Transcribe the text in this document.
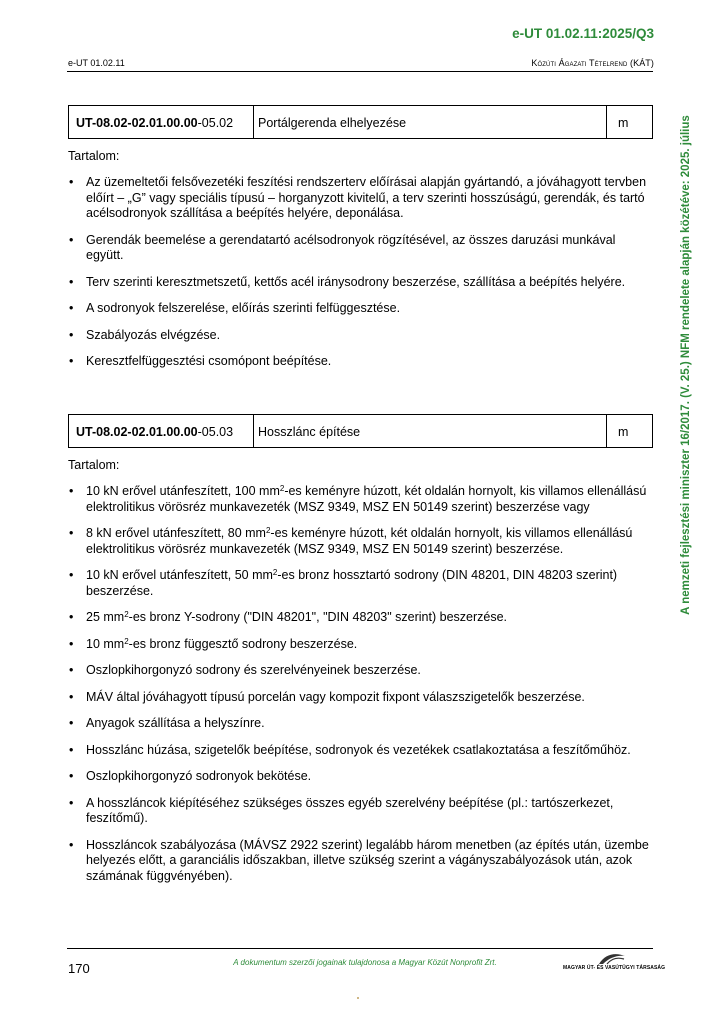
e-UT 01.02.11:2025/Q3
e-UT 01.02.11	Közúti Ágazati Tételrend (KÁT)
A nemzeti fejlesztési miniszter 16/2017. (V. 25.) NFM rendelete alapján közétéve: 2025. július
UT-08.02-02.01.00.00-05.02	Portálgerenda elhelyezése	m
Tartalom:
• Az üzemeltetői felsővezetéki feszítési rendszerterv előírásai alapján gyártandó, a jóváhagyott tervben előírt – „G” vagy speciális típusú – horganyzott kivitelű, a terv szerinti hosszúságú, gerendák, és tartó acélsodronyok szállítása a beépítés helyére, deponálása.
• Gerendák beemelése a gerendatartó acélsodronyok rögzítésével, az összes daruzási munkával együtt.
• Terv szerinti keresztmetszetű, kettős acél iránysodrony beszerzése, szállítása a beépítés helyére.
• A sodronyok felszerelése, előírás szerinti felfüggesztése.
• Szabályozás elvégzése.
• Keresztfelfüggesztési csomópont beépítése.
UT-08.02-02.01.00.00-05.03	Hosszlánc építése	m
Tartalom:
• 10 kN erővel utánfeszített, 100 $mm^2-es$ keményre húzott, két oldalán hornyolt, kis villamos ellenállású elektrolitikus vörösréz munkavezeték (MSZ 9349, MSZ EN 50149 szerint) beszerzése vagy
• 8 kN erővel utánfeszített, 80 $mm^2-es$ keményre húzott, két oldalán hornyolt, kis villamos ellenállású elektrolitikus vörösréz munkavezeték (MSZ 9349, MSZ EN 50149 szerint) beszerzése.
• 10 kN erővel utánfeszített, 50 $mm^2-es$ bronz hossztartó sodrony (DIN 48201, DIN 48203 szerint) beszerzése.
• 25 $mm^2-es$ bronz Y-sodrony ("DIN 48201", "DIN 48203" szerint) beszerzése.
• 10 $mm^2-es$ bronz függesztő sodrony beszerzése.
• Oszlopkihorgonyzó sodrony és szerelvényeinek beszerzése.
• MÁV által jóváhagyott típusú porcelán vagy kompozit fixpont válaszszigetelők beszerzése.
• Anyagok szállítása a helyszínre.
• Hosszlánc húzása, szigetelők beépítése, sodronyok és vezetékek csatlakoztatása a feszítőműhöz.
• Oszlopkihorgonyzó sodronyok bekötése.
• A hosszláncok kiépítéséhez szükséges összes egyéb szerelvény beépítése (pl.: tartószerkezet, feszítőmű).
• Hosszláncok szabályozása (MÁVSZ 2922 szerint) legalább három menetben (az építés után, üzembe helyezés előtt, a garanciális időszakban, illetve szükség szerint a vágányszabályozások után, azok számának függvényében).
170	A dokumentum szerzői jogainak tulajdonosa a Magyar Közút Nonprofit Zrt.
MAGYAR ÚT- ÉS VASÚTÜGYI TÁRSASÁG
